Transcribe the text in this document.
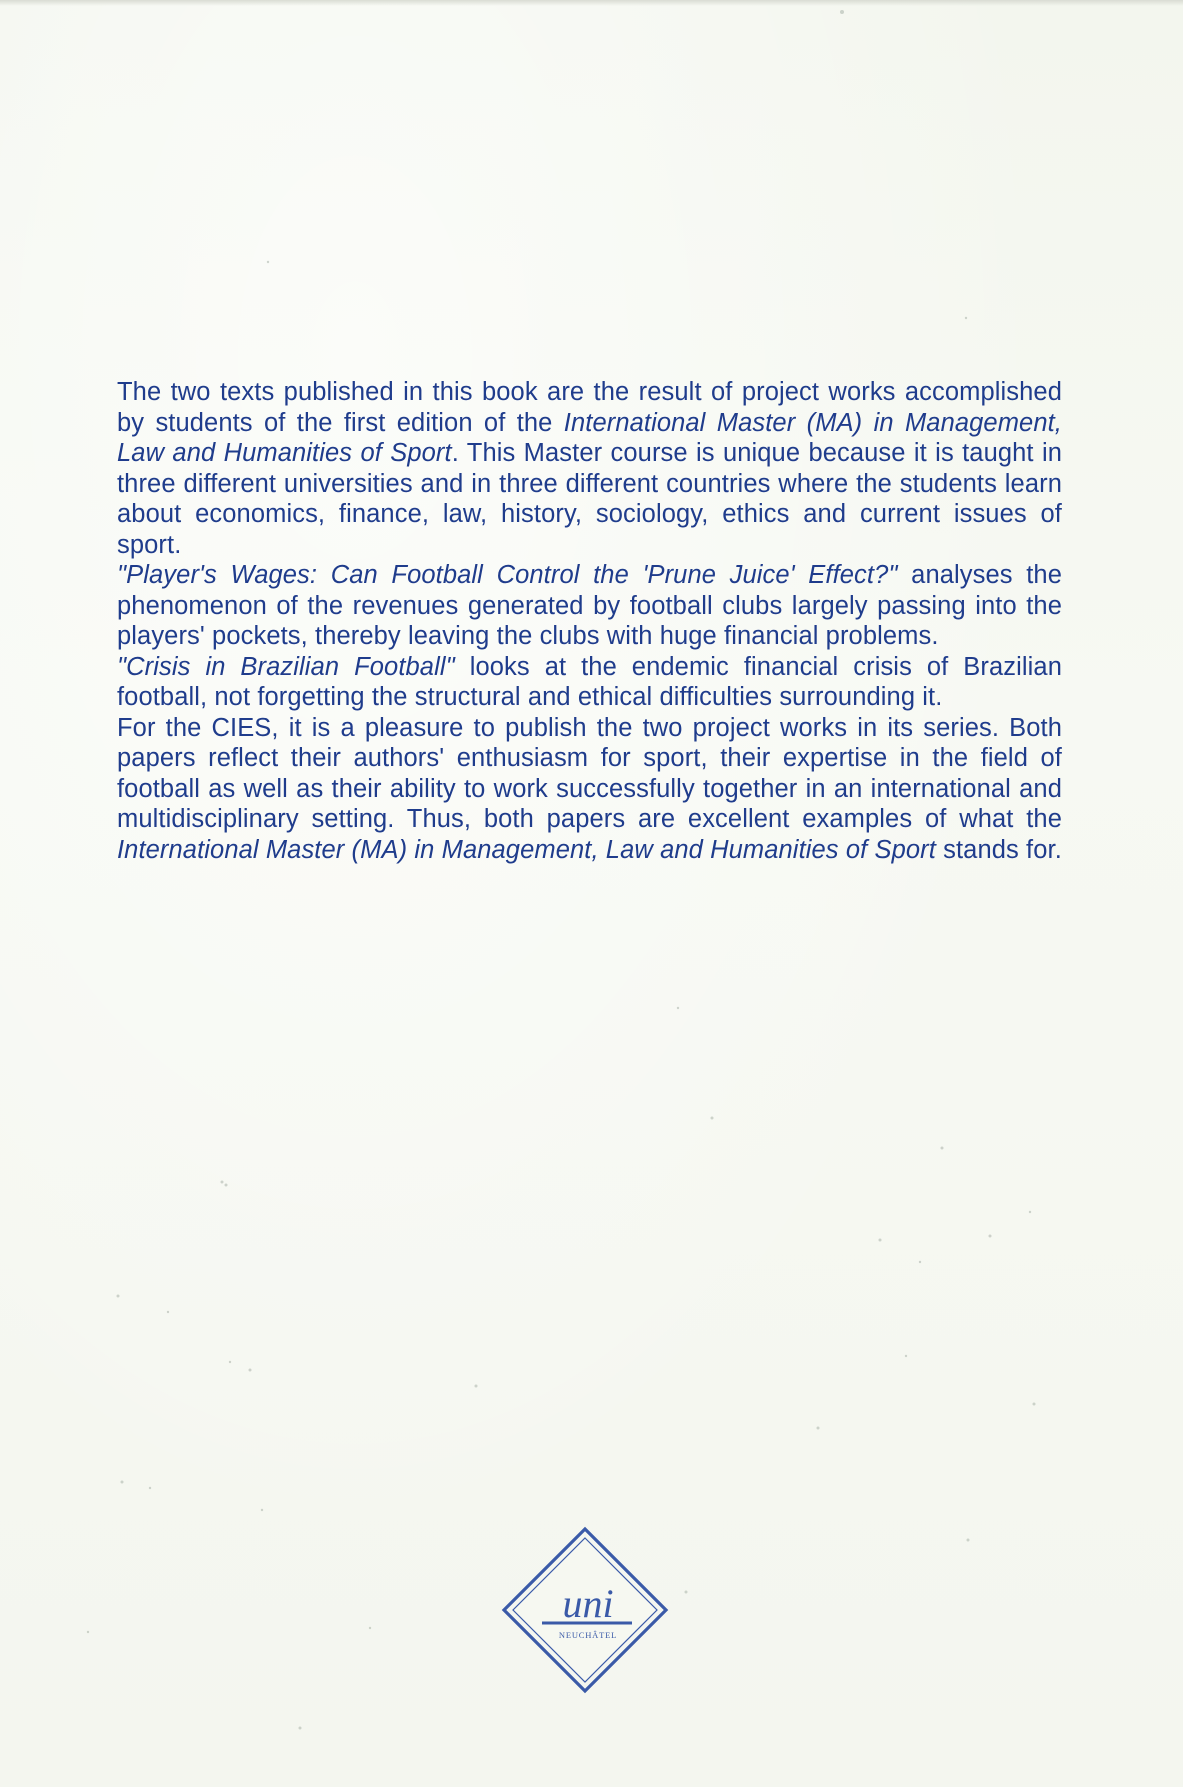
The two texts published in this book are the result of project works accomplished by students of the first edition of the International Master (MA) in Management, Law and Humanities of Sport. This Master course is unique because it is taught in three different universities and in three different countries where the students learn about economics, finance, law, history, sociology, ethics and current issues of sport.

"Player's Wages: Can Football Control the 'Prune Juice' Effect?" analyses the phenomenon of the revenues generated by football clubs largely passing into the players' pockets, thereby leaving the clubs with huge financial problems.

"Crisis in Brazilian Football" looks at the endemic financial crisis of Brazilian football, not forgetting the structural and ethical difficulties surrounding it.

For the CIES, it is a pleasure to publish the two project works in its series. Both papers reflect their authors' enthusiasm for sport, their expertise in the field of football as well as their ability to work successfully together in an international and multidisciplinary setting. Thus, both papers are excellent examples of what the International Master (MA) in Management, Law and Humanities of Sport stands for.

uni
NEUCHÂTEL
